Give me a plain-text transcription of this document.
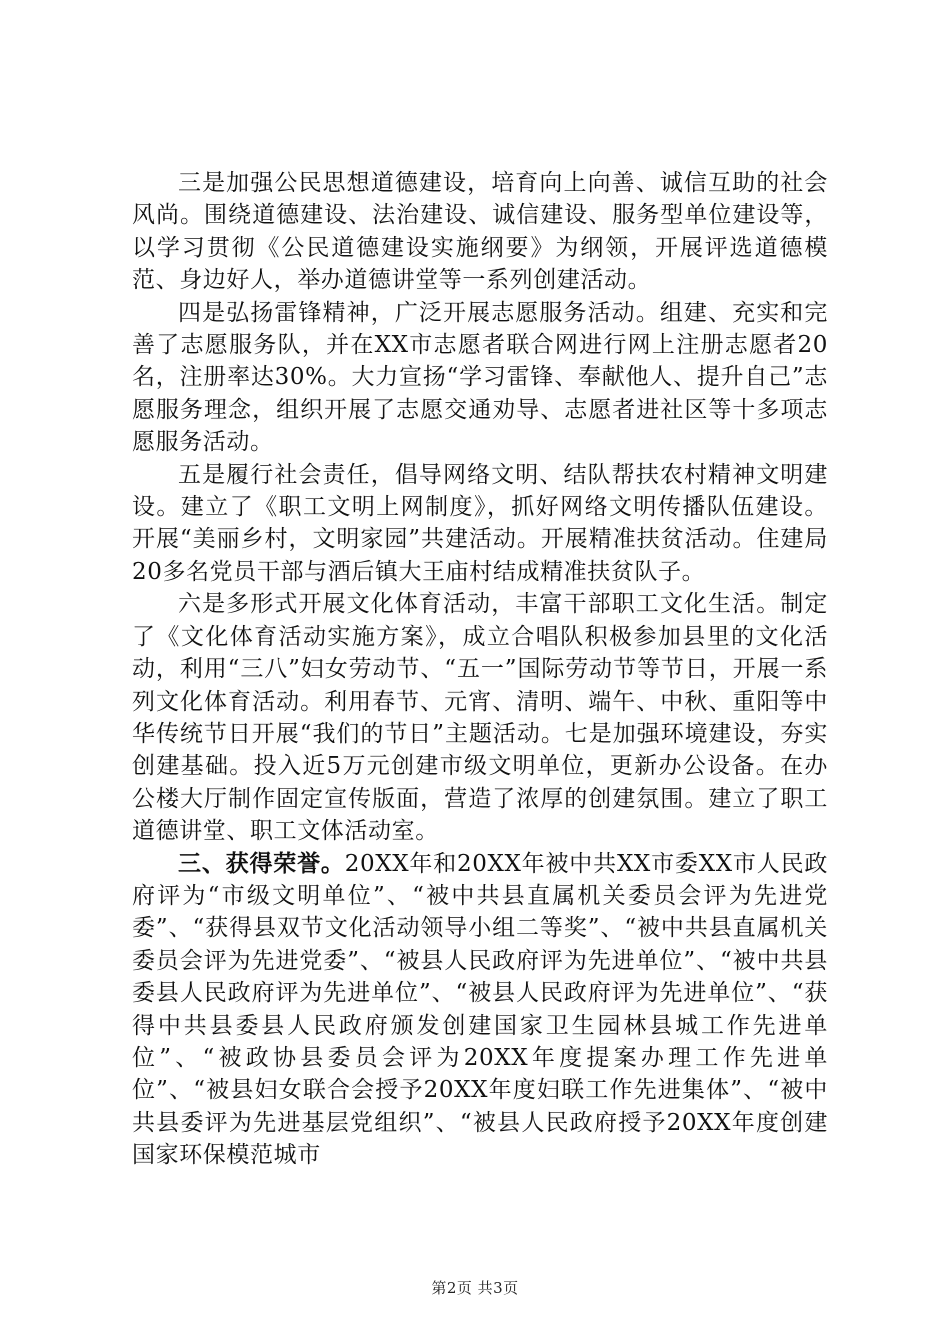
三是加强公民思想道德建设，培育向上向善、诚信互助的社会风尚。围绕道德建设、法治建设、诚信建设、服务型单位建设等，以学习贯彻《公民道德建设实施纲要》为纲领，开展评选道德模范、身边好人，举办道德讲堂等一系列创建活动。

四是弘扬雷锋精神，广泛开展志愿服务活动。组建、充实和完善了志愿服务队，并在XX市志愿者联合网进行网上注册志愿者20名，注册率达30%。大力宣扬“学习雷锋、奉献他人、提升自己”志愿服务理念，组织开展了志愿交通劝导、志愿者进社区等十多项志愿服务活动。

五是履行社会责任，倡导网络文明、结队帮扶农村精神文明建设。建立了《职工文明上网制度》，抓好网络文明传播队伍建设。开展“美丽乡村，文明家园”共建活动。开展精准扶贫活动。住建局20多名党员干部与酒后镇大王庙村结成精准扶贫队子。

六是多形式开展文化体育活动，丰富干部职工文化生活。制定了《文化体育活动实施方案》，成立合唱队积极参加县里的文化活动，利用“三八”妇女劳动节、“五一”国际劳动节等节日，开展一系列文化体育活动。利用春节、元宵、清明、端午、中秋、重阳等中华传统节日开展“我们的节日”主题活动。七是加强环境建设，夯实创建基础。投入近5万元创建市级文明单位，更新办公设备。在办公楼大厅制作固定宣传版面，营造了浓厚的创建氛围。建立了职工道德讲堂、职工文体活动室。

三、获得荣誉。20XX年和20XX年被中共XX市委XX市人民政府评为“市级文明单位”、“被中共县直属机关委员会评为先进党委”、“获得县双节文化活动领导小组二等奖”、“被中共县直属机关委员会评为先进党委”、“被县人民政府评为先进单位”、“被中共县委县人民政府评为先进单位”、“被县人民政府评为先进单位”、“获得中共县委县人民政府颁发创建国家卫生园林县城工作先进单位”、“被政协县委员会评为20XX年度提案办理工作先进单位”、“被县妇女联合会授予20XX年度妇联工作先进集体”、“被中共县委评为先进基层党组织”、“被县人民政府授予20XX年度创建国家环保模范城市

第2页 共3页
